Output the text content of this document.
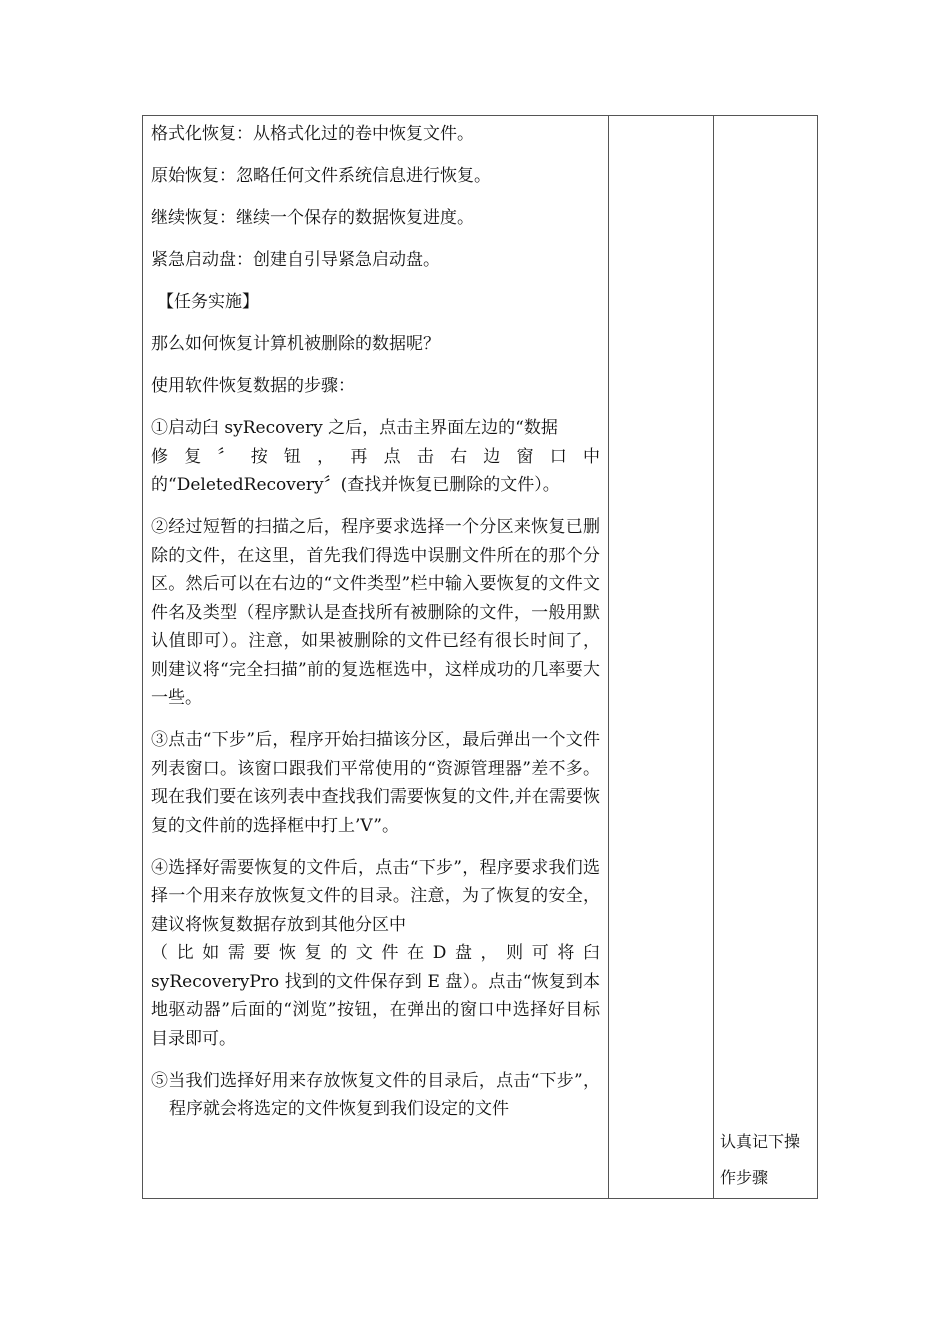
格式化恢复：从格式化过的卷中恢复文件。

原始恢复：忽略任何文件系统信息进行恢复。

继续恢复：继续一个保存的数据恢复进度。

紧急启动盘：创建自引导紧急启动盘。

【任务实施】

那么如何恢复计算机被删除的数据呢？

使用软件恢复数据的步骤：

①启动臼 syRecovery 之后，点击主界面左边的“数据
修复〞按钮，再点击右边窗口中
的“DeletedRecovery〞(查找并恢复已删除的文件）。

②经过短暂的扫描之后，程序要求选择一个分区来恢复已删除的文件，在这里，首先我们得选中误删文件所在的那个分区。然后可以在右边的“文件类型”栏中输入要恢复的文件文件名及类型（程序默认是查找所有被删除的文件，一般用默认值即可）。注意，如果被删除的文件已经有很长时间了，则建议将“完全扫描”前的复选框选中，这样成功的几率要大一些。

③点击“下步”后，程序开始扫描该分区，最后弹出一个文件列表窗口。该窗口跟我们平常使用的“资源管理器”差不多。现在我们要在该列表中查找我们需要恢复的文件,并在需要恢复的文件前的选择框中打上’V”。

④选择好需要恢复的文件后，点击“下步”，程序要求我们选择一个用来存放恢复文件的目录。注意，为了恢复的安全，建议将恢复数据存放到其他分区中
（比如需要恢复的文件在D盘，则可将臼
syRecoveryPro 找到的文件保存到 E 盘）。点击“恢复到本地驱动器”后面的“浏览”按钮，在弹出的窗口中选择好目标目录即可。

⑤当我们选择好用来存放恢复文件的目录后，点击“下步”，程序就会将选定的文件恢复到我们设定的文件

认真记下操
作步骤
